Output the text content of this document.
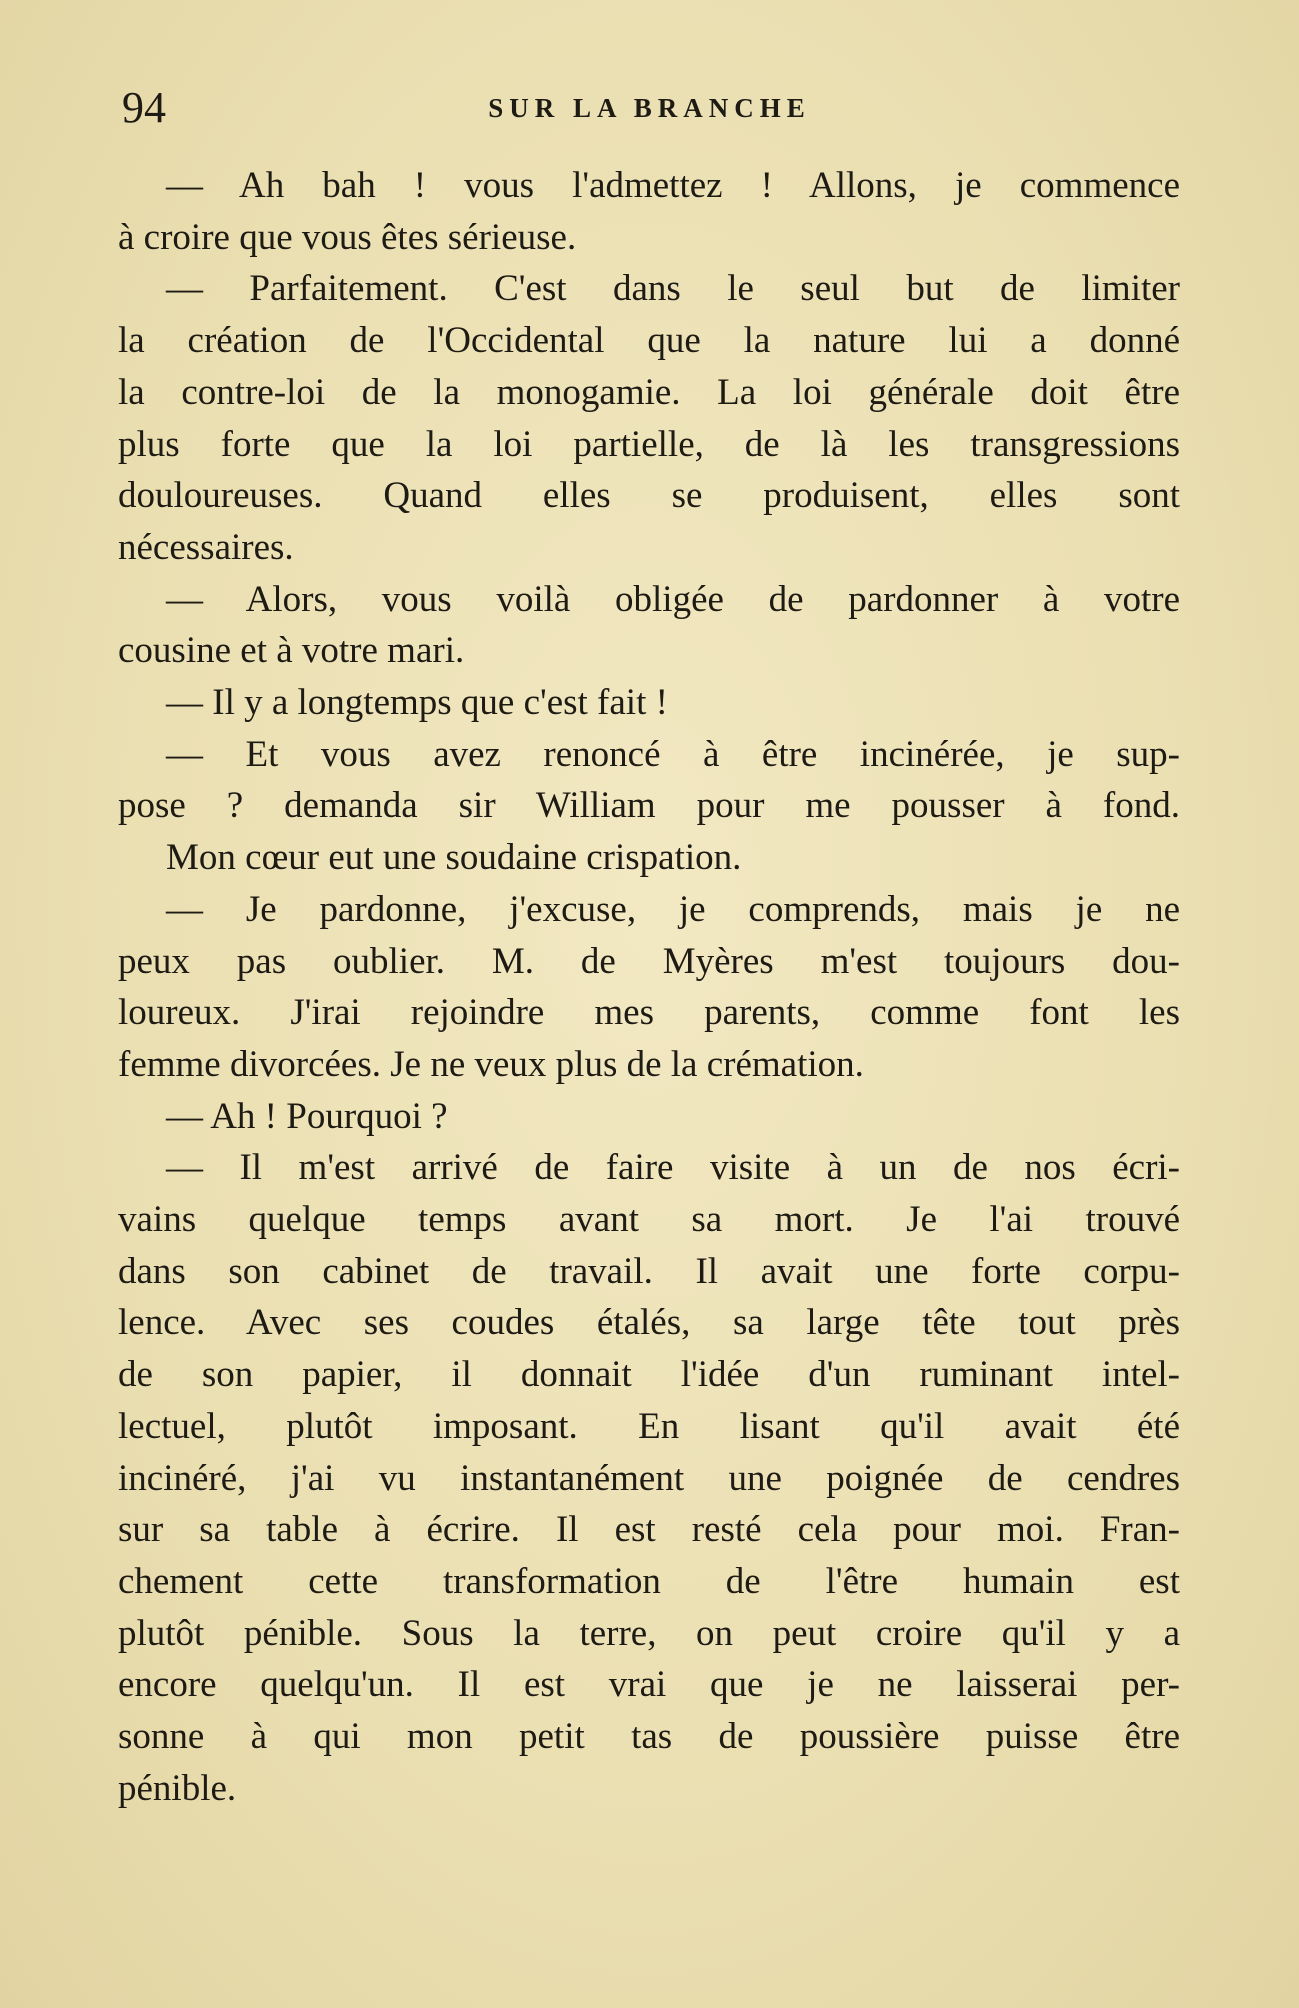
94	SUR LA BRANCHE
— Ah bah ! vous l'admettez ! Allons, je commence
à croire que vous êtes sérieuse.
— Parfaitement. C'est dans le seul but de limiter
la création de l'Occidental que la nature lui a donné
la contre-loi de la monogamie. La loi générale doit être
plus forte que la loi partielle, de là les transgressions
douloureuses. Quand elles se produisent, elles sont
nécessaires.
— Alors, vous voilà obligée de pardonner à votre
cousine et à votre mari.
— Il y a longtemps que c'est fait !
— Et vous avez renoncé à être incinérée, je sup-
pose ? demanda sir William pour me pousser à fond.
Mon cœur eut une soudaine crispation.
— Je pardonne, j'excuse, je comprends, mais je ne
peux pas oublier. M. de Myères m'est toujours dou-
loureux. J'irai rejoindre mes parents, comme font les
femme divorcées. Je ne veux plus de la crémation.
— Ah ! Pourquoi ?
— Il m'est arrivé de faire visite à un de nos écri-
vains quelque temps avant sa mort. Je l'ai trouvé
dans son cabinet de travail. Il avait une forte corpu-
lence. Avec ses coudes étalés, sa large tête tout près
de son papier, il donnait l'idée d'un ruminant intel-
lectuel, plutôt imposant. En lisant qu'il avait été
incinéré, j'ai vu instantanément une poignée de cendres
sur sa table à écrire. Il est resté cela pour moi. Fran-
chement cette transformation de l'être humain est
plutôt pénible. Sous la terre, on peut croire qu'il y a
encore quelqu'un. Il est vrai que je ne laisserai per-
sonne à qui mon petit tas de poussière puisse être
pénible.
